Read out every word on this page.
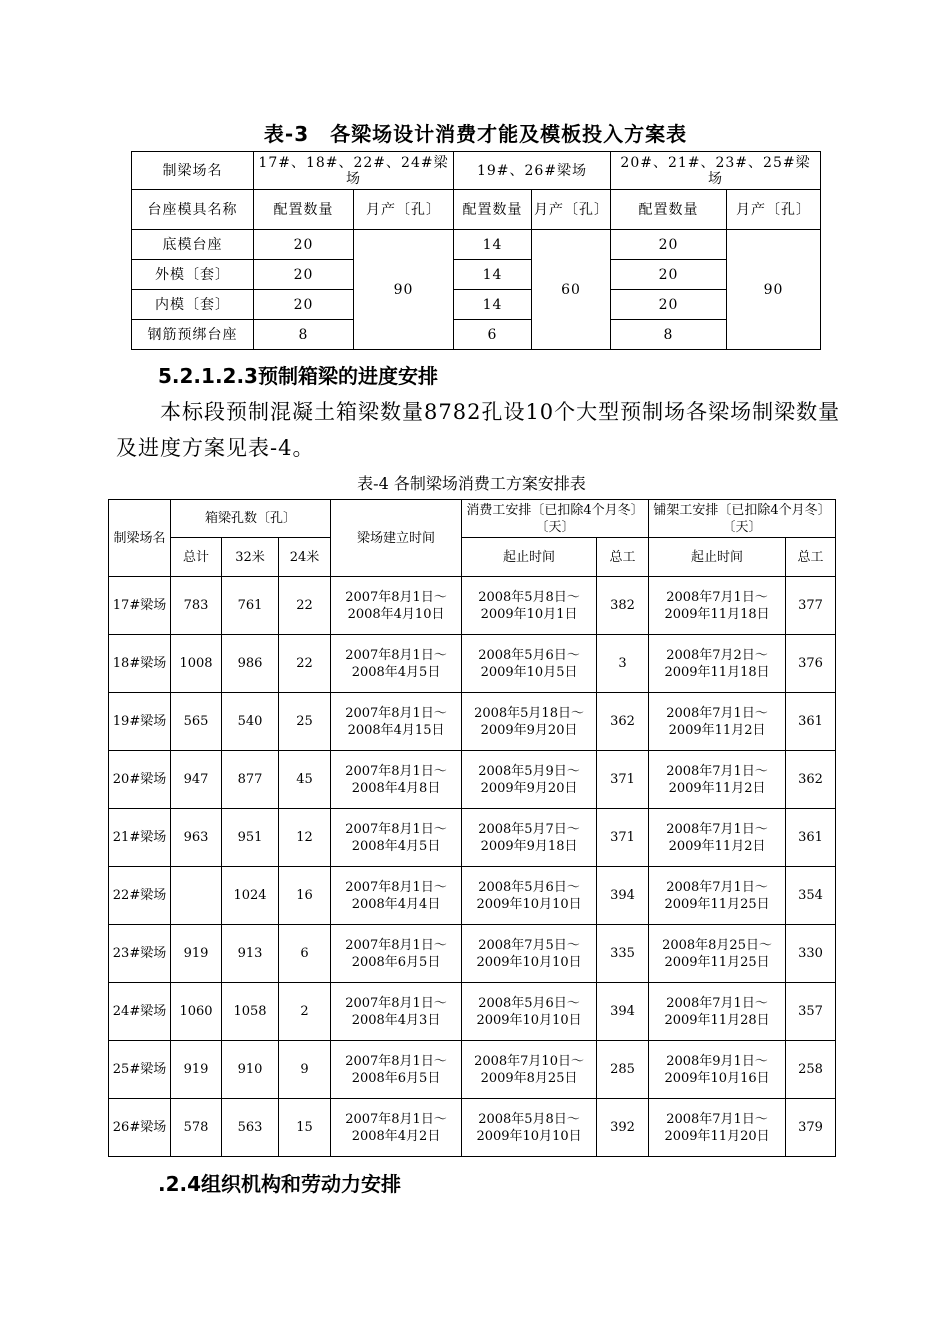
表-3　各梁场设计消费才能及模板投入方案表
制梁场名	17#、18#、22#、24#梁场		19#、26#梁场		20#、21#、23#、25#梁场	
台座模具名称	配置数量	月产〔孔〕	配置数量	月产〔孔〕	配置数量	月产〔孔〕
底模台座	20	90	14	60	20	90
外模〔套〕	20		14		20	
内模〔套〕	20		14		20	
钢筋预绑台座	8		6		8	
5.2.1.2.3预制箱梁的进度安排
本标段预制混凝土箱梁数量8782孔设10个大型预制场各梁场制梁数量及进度方案见表-4。
表-4 各制梁场消费工方案安排表
制梁场名	箱梁孔数〔孔〕			梁场建立时间	消费工安排〔已扣除4个月冬〕〔天〕		铺架工安排〔已扣除4个月冬〕〔天〕	
	总计	32米	24米		起止时间	总工	起止时间	总工
17#梁场	783	761	22	2007年8月1日～2008年4月10日	2008年5月8日～2009年10月1日	382	2008年7月1日～2009年11月18日	377
18#梁场	1008	986	22	2007年8月1日～2008年4月5日	2008年5月6日～2009年10月5日	3	2008年7月2日～2009年11月18日	376
19#梁场	565	540	25	2007年8月1日～2008年4月15日	2008年5月18日～2009年9月20日	362	2008年7月1日～2009年11月2日	361
20#梁场	947	877	45	2007年8月1日～2008年4月8日	2008年5月9日～2009年9月20日	371	2008年7月1日～2009年11月2日	362
21#梁场	963	951	12	2007年8月1日～2008年4月5日	2008年5月7日～2009年9月18日	371	2008年7月1日～2009年11月2日	361
22#梁场		1024	16	2007年8月1日～2008年4月4日	2008年5月6日～2009年10月10日	394	2008年7月1日～2009年11月25日	354
23#梁场	919	913	6	2007年8月1日～2008年6月5日	2008年7月5日～2009年10月10日	335	2008年8月25日～2009年11月25日	330
24#梁场	1060	1058	2	2007年8月1日～2008年4月3日	2008年5月6日～2009年10月10日	394	2008年7月1日～2009年11月28日	357
25#梁场	919	910	9	2007年8月1日～2008年6月5日	2008年7月10日～2009年8月25日	285	2008年9月1日～2009年10月16日	258
26#梁场	578	563	15	2007年8月1日～2008年4月2日	2008年5月8日～2009年10月10日	392	2008年7月1日～2009年11月20日	379
.2.4组织机构和劳动力安排
